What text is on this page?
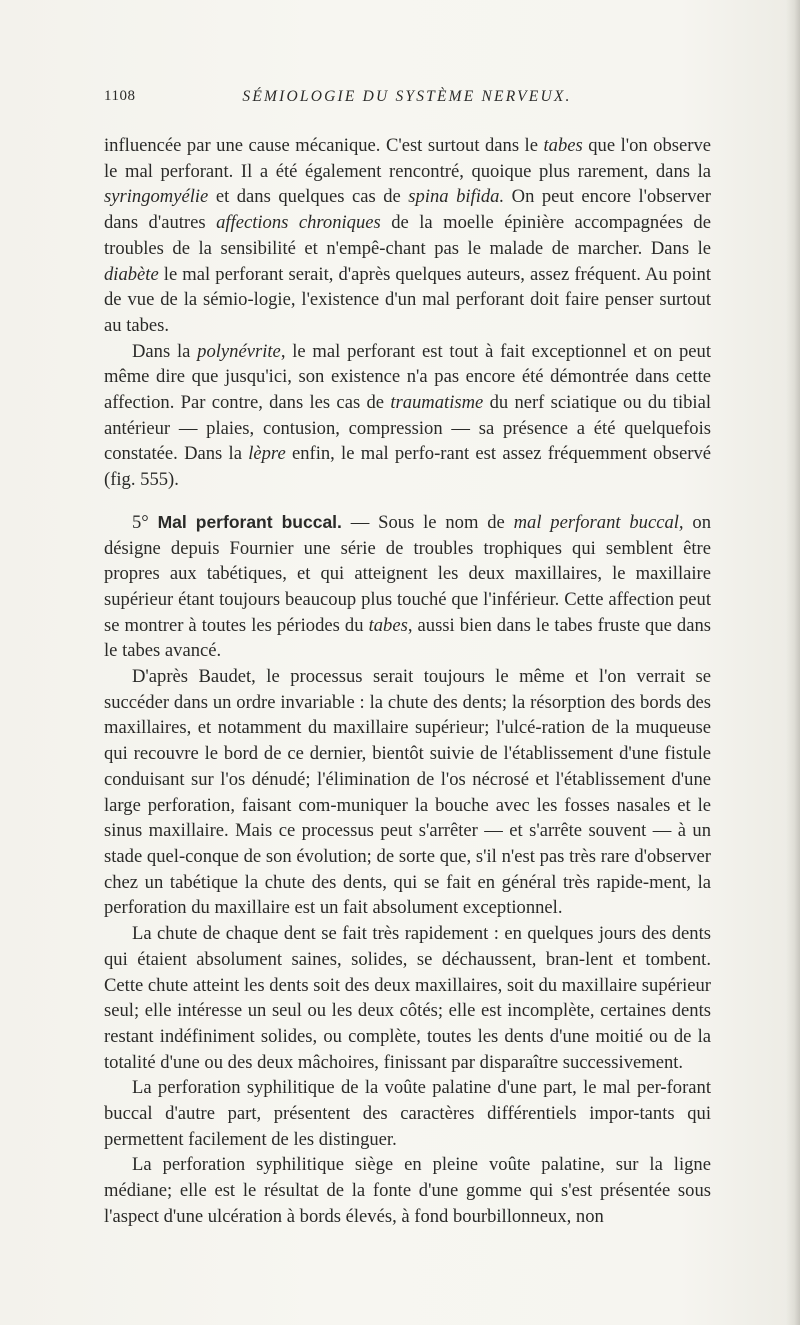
1108	SÉMIOLOGIE DU SYSTÈME NERVEUX.

influencée par une cause mécanique. C'est surtout dans le tabes que l'on observe le mal perforant. Il a été également rencontré, quoique plus rarement, dans la syringomyélie et dans quelques cas de spina bifida. On peut encore l'observer dans d'autres affections chroniques de la moelle épinière accompagnées de troubles de la sensibilité et n'empê-chant pas le malade de marcher. Dans le diabète le mal perforant serait, d'après quelques auteurs, assez fréquent. Au point de vue de la sémio-logie, l'existence d'un mal perforant doit faire penser surtout au tabes.

Dans la polynévrite, le mal perforant est tout à fait exceptionnel et on peut même dire que jusqu'ici, son existence n'a pas encore été démontrée dans cette affection. Par contre, dans les cas de traumatisme du nerf sciatique ou du tibial antérieur — plaies, contusion, compression — sa présence a été quelquefois constatée. Dans la lèpre enfin, le mal perfo-rant est assez fréquemment observé (fig. 555).

5° Mal perforant buccal. — Sous le nom de mal perforant buccal, on désigne depuis Fournier une série de troubles trophiques qui semblent être propres aux tabétiques, et qui atteignent les deux maxillaires, le maxillaire supérieur étant toujours beaucoup plus touché que l'inférieur. Cette affection peut se montrer à toutes les périodes du tabes, aussi bien dans le tabes fruste que dans le tabes avancé.

D'après Baudet, le processus serait toujours le même et l'on verrait se succéder dans un ordre invariable : la chute des dents; la résorption des bords des maxillaires, et notamment du maxillaire supérieur; l'ulcé-ration de la muqueuse qui recouvre le bord de ce dernier, bientôt suivie de l'établissement d'une fistule conduisant sur l'os dénudé; l'élimination de l'os nécrosé et l'établissement d'une large perforation, faisant com-muniquer la bouche avec les fosses nasales et le sinus maxillaire. Mais ce processus peut s'arrêter — et s'arrête souvent — à un stade quel-conque de son évolution; de sorte que, s'il n'est pas très rare d'observer chez un tabétique la chute des dents, qui se fait en général très rapide-ment, la perforation du maxillaire est un fait absolument exceptionnel.

La chute de chaque dent se fait très rapidement : en quelques jours des dents qui étaient absolument saines, solides, se déchaussent, bran-lent et tombent. Cette chute atteint les dents soit des deux maxillaires, soit du maxillaire supérieur seul; elle intéresse un seul ou les deux côtés; elle est incomplète, certaines dents restant indéfiniment solides, ou complète, toutes les dents d'une moitié ou de la totalité d'une ou des deux mâchoires, finissant par disparaître successivement.

La perforation syphilitique de la voûte palatine d'une part, le mal per-forant buccal d'autre part, présentent des caractères différentiels impor-tants qui permettent facilement de les distinguer.

La perforation syphilitique siège en pleine voûte palatine, sur la ligne médiane; elle est le résultat de la fonte d'une gomme qui s'est présentée sous l'aspect d'une ulcération à bords élevés, à fond bourbillonneux, non
